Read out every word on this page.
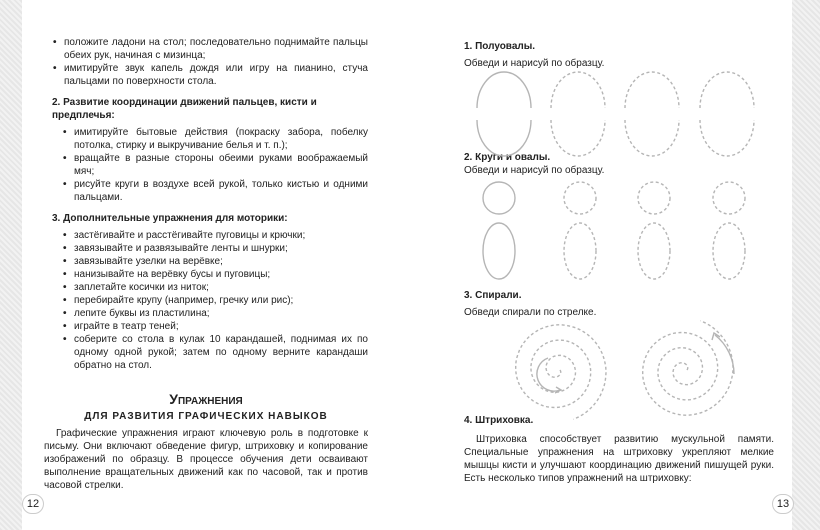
• положите ладони на стол; последовательно поднимайте пальцы обеих рук, начиная с мизинца;
• имитируйте звук капель дождя или игру на пианино, стуча пальцами по поверхности стола.
2. Развитие координации движений пальцев, кисти и предплечья:
• имитируйте бытовые действия (покраску забора, побелку потолка, стирку и выкручивание белья и т. п.);
• вращайте в разные стороны обеими руками воображаемый мяч;
• рисуйте круги в воздухе всей рукой, только кистью и одними пальцами.
3. Дополнительные упражнения для моторики:
• застёгивайте и расстёгивайте пуговицы и крючки;
• завязывайте и развязывайте ленты и шнурки;
• завязывайте узелки на верёвке;
• нанизывайте на верёвку бусы и пуговицы;
• заплетайте косички из ниток;
• перебирайте крупу (например, гречку или рис);
• лепите буквы из пластилина;
• играйте в театр теней;
• соберите со стола в кулак 10 карандашей, поднимая их по одному одной рукой; затем по одному верните карандаши обратно на стол.
Упражнения
ДЛЯ РАЗВИТИЯ ГРАФИЧЕСКИХ НАВЫКОВ

Графические упражнения играют ключевую роль в подготовке к письму. Они включают обведение фигур, штриховку и копирование изображений по образцу. В процессе обучения дети осваивают выполнение вращательных движений как по часовой, так и против часовой стрелки.

12
1. Полуовалы.
Обведи и нарисуй по образцу.
2. Круги и овалы.
Обведи и нарисуй по образцу.
3. Спирали.
Обведи спирали по стрелке.
4. Штриховка.

Штриховка способствует развитию мускульной памяти. Специальные упражнения на штриховку укрепляют мелкие мышцы кисти и улучшают координацию движений пишущей руки. Есть несколько типов упражнений на штриховку:

13
